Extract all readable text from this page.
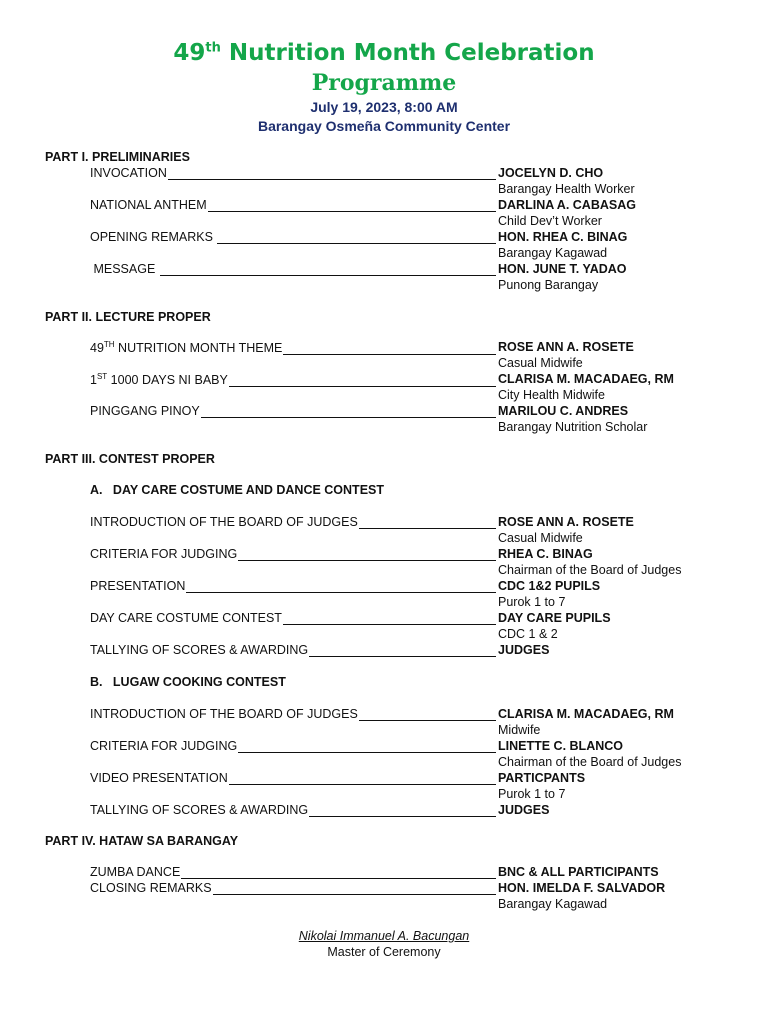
49th Nutrition Month Celebration
Programme
July 19, 2023, 8:00 AM
Barangay Osmeña Community Center
PART I. PRELIMINARIES
INVOCATION	JOCELYN D. CHO
Barangay Health Worker
NATIONAL ANTHEM	DARLINA A. CABASAG
Child Dev’t Worker
OPENING REMARKS	HON. RHEA C. BINAG
Barangay Kagawad
MESSAGE	HON. JUNE T. YADAO
Punong Barangay
PART II. LECTURE PROPER
49TH NUTRITION MONTH THEME	ROSE ANN A. ROSETE
Casual Midwife
1ST 1000 DAYS NI BABY	CLARISA M. MACADAEG, RM
City Health Midwife
PINGGANG PINOY	MARILOU C. ANDRES
Barangay Nutrition Scholar
PART III. CONTEST PROPER
A.   DAY CARE COSTUME AND DANCE CONTEST
INTRODUCTION OF THE BOARD OF JUDGES	ROSE ANN A. ROSETE
Casual Midwife
CRITERIA FOR JUDGING	RHEA C. BINAG
Chairman of the Board of Judges
PRESENTATION	CDC 1&2 PUPILS
Purok 1 to 7
DAY CARE COSTUME CONTEST	DAY CARE PUPILS
CDC 1 & 2
TALLYING OF SCORES & AWARDING	JUDGES
B.   LUGAW COOKING CONTEST
INTRODUCTION OF THE BOARD OF JUDGES	CLARISA M. MACADAEG, RM
Midwife
CRITERIA FOR JUDGING	LINETTE C. BLANCO
Chairman of the Board of Judges
VIDEO PRESENTATION	PARTICPANTS
Purok 1 to 7
TALLYING OF SCORES & AWARDING	JUDGES
PART IV. HATAW SA BARANGAY
ZUMBA DANCE	BNC & ALL PARTICIPANTS
CLOSING REMARKS	HON. IMELDA F. SALVADOR
Barangay Kagawad
Nikolai Immanuel A. Bacungan
Master of Ceremony
